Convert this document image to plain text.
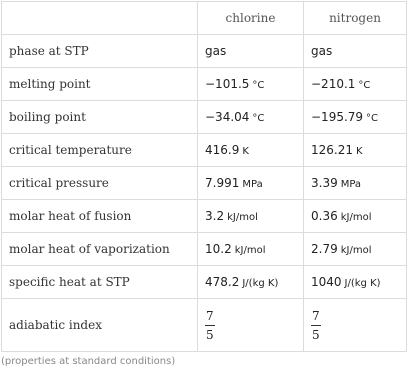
	chlorine	nitrogen
phase at STP	gas	gas
melting point	−101.5 °C	−210.1 °C
boiling point	−34.04 °C	−195.79 °C
critical temperature	416.9 K	126.21 K
critical pressure	7.991 MPa	3.39 MPa
molar heat of fusion	3.2 kJ/mol	0.36 kJ/mol
molar heat of vaporization	10.2 kJ/mol	2.79 kJ/mol
specific heat at STP	478.2 J/(kg K)	1040 J/(kg K)
adiabatic index	$\frac{7}{5}$	$\frac{7}{5}$
(properties at standard conditions)
